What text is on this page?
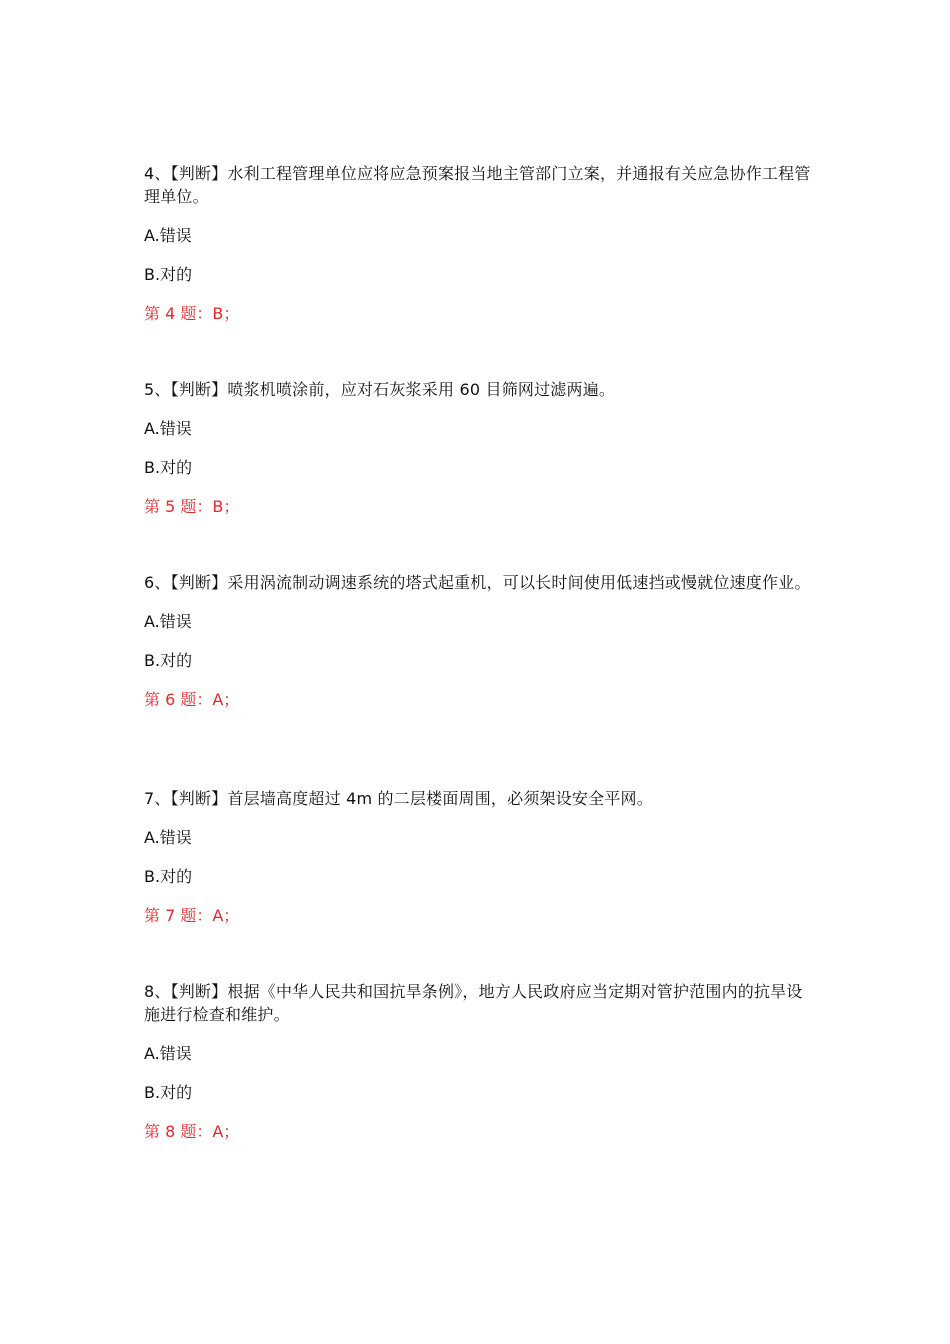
4、【判断】水利工程管理单位应将应急预案报当地主管部门立案，并通报有关应急协作工程管理单位。

A.错误

B.对的

第 4 题：B；

5、【判断】喷浆机喷涂前，应对石灰浆采用 60 目筛网过滤两遍。

A.错误

B.对的

第 5 题：B；

6、【判断】采用涡流制动调速系统的塔式起重机，可以长时间使用低速挡或慢就位速度作业。

A.错误

B.对的

第 6 题：A；

7、【判断】首层墙高度超过 4m 的二层楼面周围，必须架设安全平网。

A.错误

B.对的

第 7 题：A；

8、【判断】根据《中华人民共和国抗旱条例》，地方人民政府应当定期对管护范围内的抗旱设施进行检查和维护。

A.错误

B.对的

第 8 题：A；
